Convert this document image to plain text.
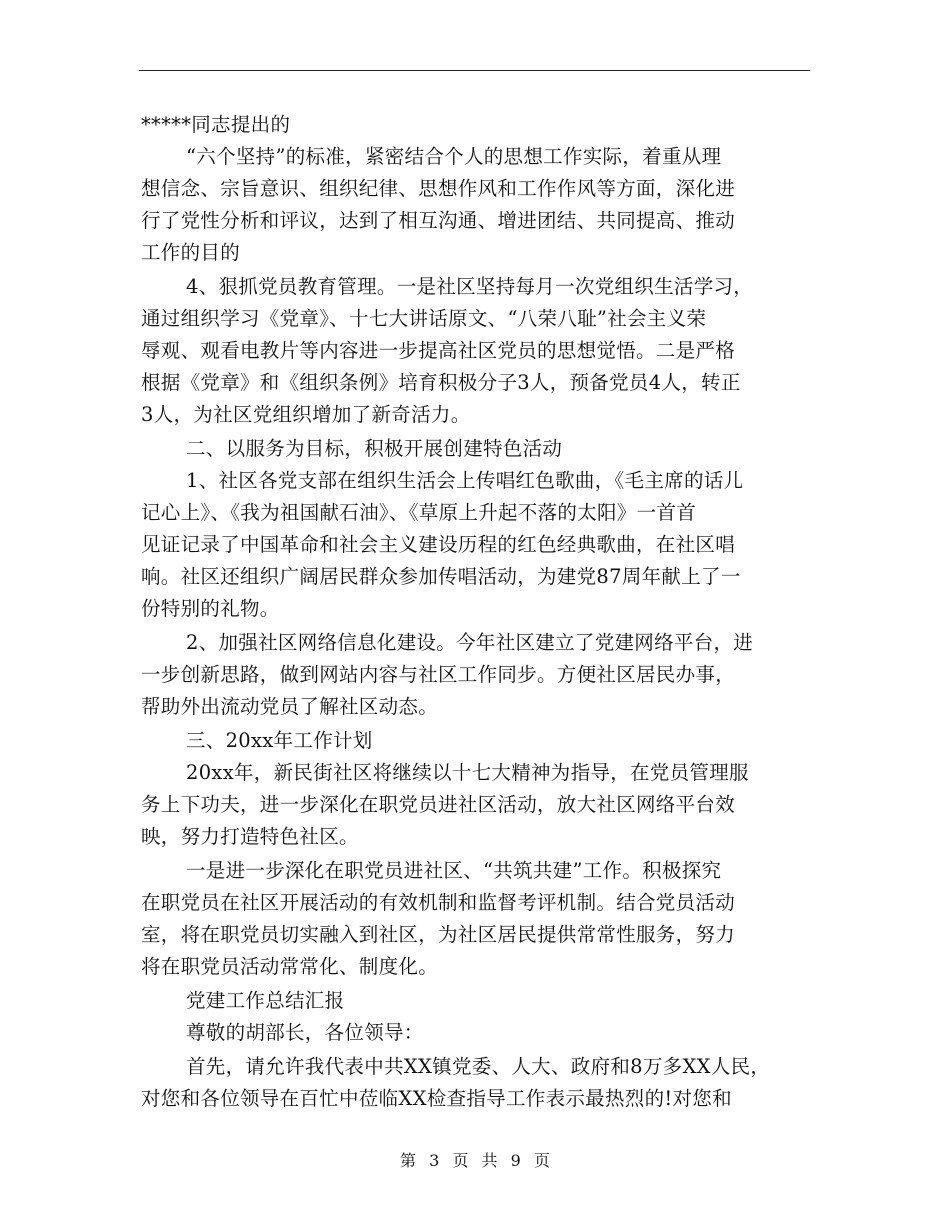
*****同志提出的
“六个坚持”的标准，紧密结合个人的思想工作实际，着重从理
想信念、宗旨意识、组织纪律、思想作风和工作作风等方面，深化进
行了党性分析和评议，达到了相互沟通、增进团结、共同提高、推动
工作的目的
4、狠抓党员教育管理。一是社区坚持每月一次党组织生活学习，
通过组织学习《党章》、十七大讲话原文、“八荣八耻”社会主义荣
辱观、观看电教片等内容进一步提高社区党员的思想觉悟。二是严格
根据《党章》和《组织条例》培育积极分子3人，预备党员4人，转正
3人，为社区党组织增加了新奇活力。
二、以服务为目标，积极开展创建特色活动
1、社区各党支部在组织生活会上传唱红色歌曲，《毛主席的话儿
记心上》、《我为祖国献石油》、《草原上升起不落的太阳》一首首
见证记录了中国革命和社会主义建设历程的红色经典歌曲，在社区唱
响。社区还组织广阔居民群众参加传唱活动，为建党87周年献上了一
份特别的礼物。
2、加强社区网络信息化建设。今年社区建立了党建网络平台，进
一步创新思路，做到网站内容与社区工作同步。方便社区居民办事，
帮助外出流动党员了解社区动态。
三、20xx年工作计划
20xx年，新民街社区将继续以十七大精神为指导，在党员管理服
务上下功夫，进一步深化在职党员进社区活动，放大社区网络平台效
映，努力打造特色社区。
一是进一步深化在职党员进社区、“共筑共建”工作。积极探究
在职党员在社区开展活动的有效机制和监督考评机制。结合党员活动
室，将在职党员切实融入到社区，为社区居民提供常常性服务，努力
将在职党员活动常常化、制度化。
党建工作总结汇报
尊敬的胡部长，各位领导：
首先，请允许我代表中共XX镇党委、人大、政府和8万多XX人民，
对您和各位领导在百忙中莅临XX检查指导工作表示最热烈的!对您和
第 3 页 共 9 页
